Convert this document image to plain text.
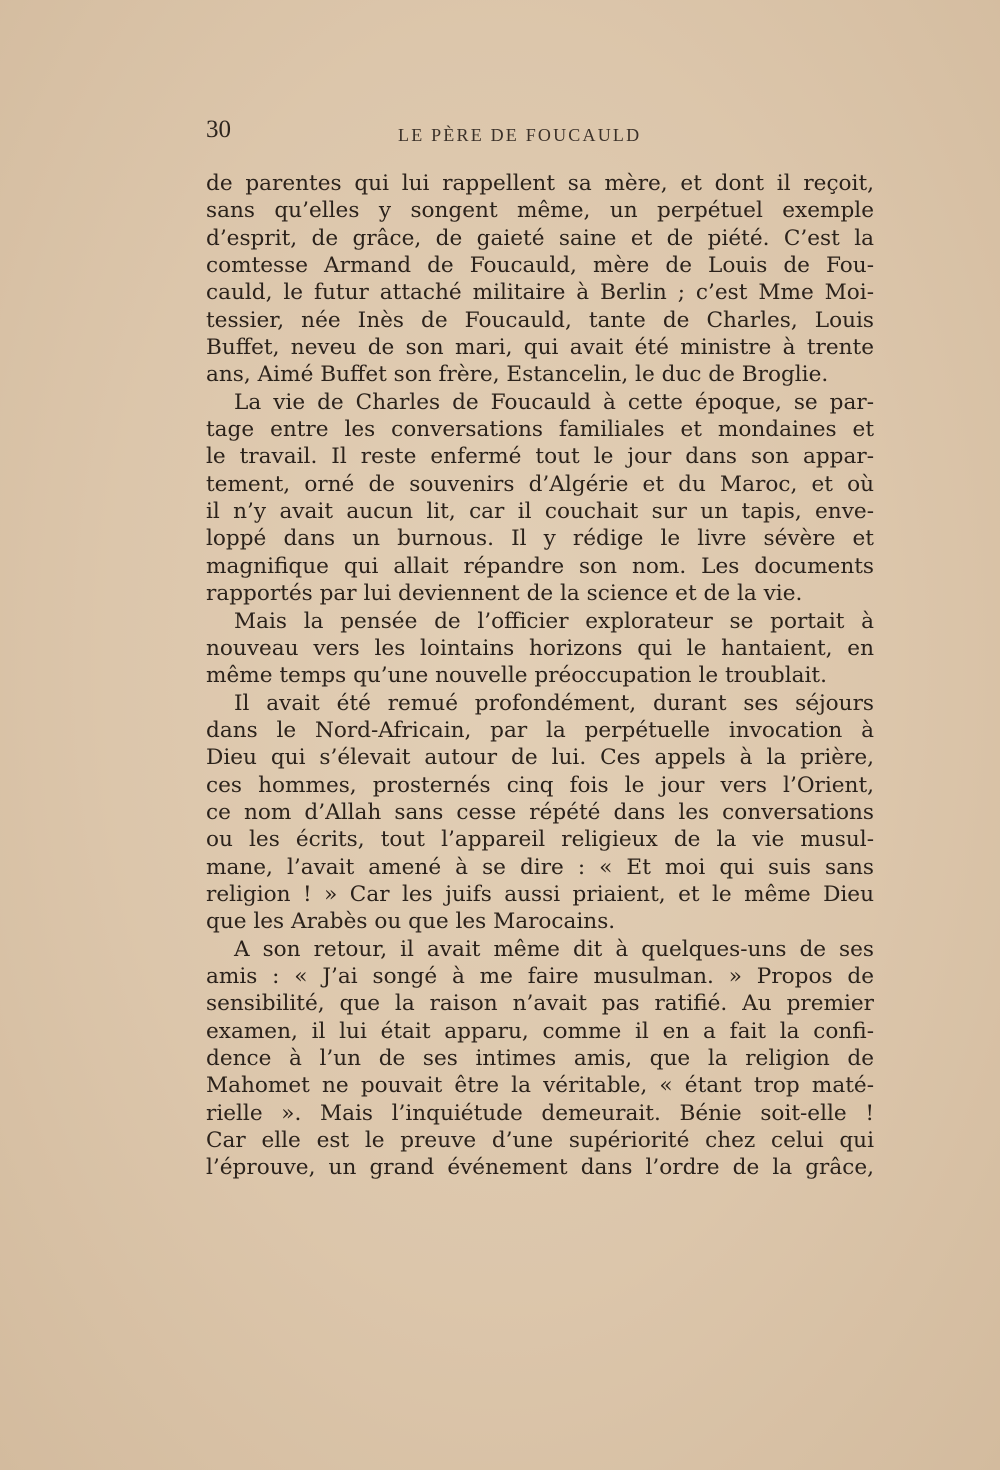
30	LE PÈRE DE FOUCAULD
de parentes qui lui rappellent sa mère, et dont il reçoit,
sans qu’elles y songent même, un perpétuel exemple
d’esprit, de grâce, de gaieté saine et de piété. C’est la
comtesse Armand de Foucauld, mère de Louis de Fou-
cauld, le futur attaché militaire à Berlin ; c’est Mme Moi-
tessier, née Inès de Foucauld, tante de Charles, Louis
Buffet, neveu de son mari, qui avait été ministre à trente
ans, Aimé Buffet son frère, Estancelin, le duc de Broglie.
La vie de Charles de Foucauld à cette époque, se par-
tage entre les conversations familiales et mondaines et
le travail. Il reste enfermé tout le jour dans son appar-
tement, orné de souvenirs d’Algérie et du Maroc, et où
il n’y avait aucun lit, car il couchait sur un tapis, enve-
loppé dans un burnous. Il y rédige le livre sévère et
magnifique qui allait répandre son nom. Les documents
rapportés par lui deviennent de la science et de la vie.
Mais la pensée de l’officier explorateur se portait à
nouveau vers les lointains horizons qui le hantaient, en
même temps qu’une nouvelle préoccupation le troublait.
Il avait été remué profondément, durant ses séjours
dans le Nord-Africain, par la perpétuelle invocation à
Dieu qui s’élevait autour de lui. Ces appels à la prière,
ces hommes, prosternés cinq fois le jour vers l’Orient,
ce nom d’Allah sans cesse répété dans les conversations
ou les écrits, tout l’appareil religieux de la vie musul-
mane, l’avait amené à se dire : « Et moi qui suis sans
religion ! » Car les juifs aussi priaient, et le même Dieu
que les Arabès ou que les Marocains.
A son retour, il avait même dit à quelques-uns de ses
amis : « J’ai songé à me faire musulman. » Propos de
sensibilité, que la raison n’avait pas ratifié. Au premier
examen, il lui était apparu, comme il en a fait la confi-
dence à l’un de ses intimes amis, que la religion de
Mahomet ne pouvait être la véritable, « étant trop maté-
rielle ». Mais l’inquiétude demeurait. Bénie soit-elle !
Car elle est le preuve d’une supériorité chez celui qui
l’éprouve, un grand événement dans l’ordre de la grâce,
